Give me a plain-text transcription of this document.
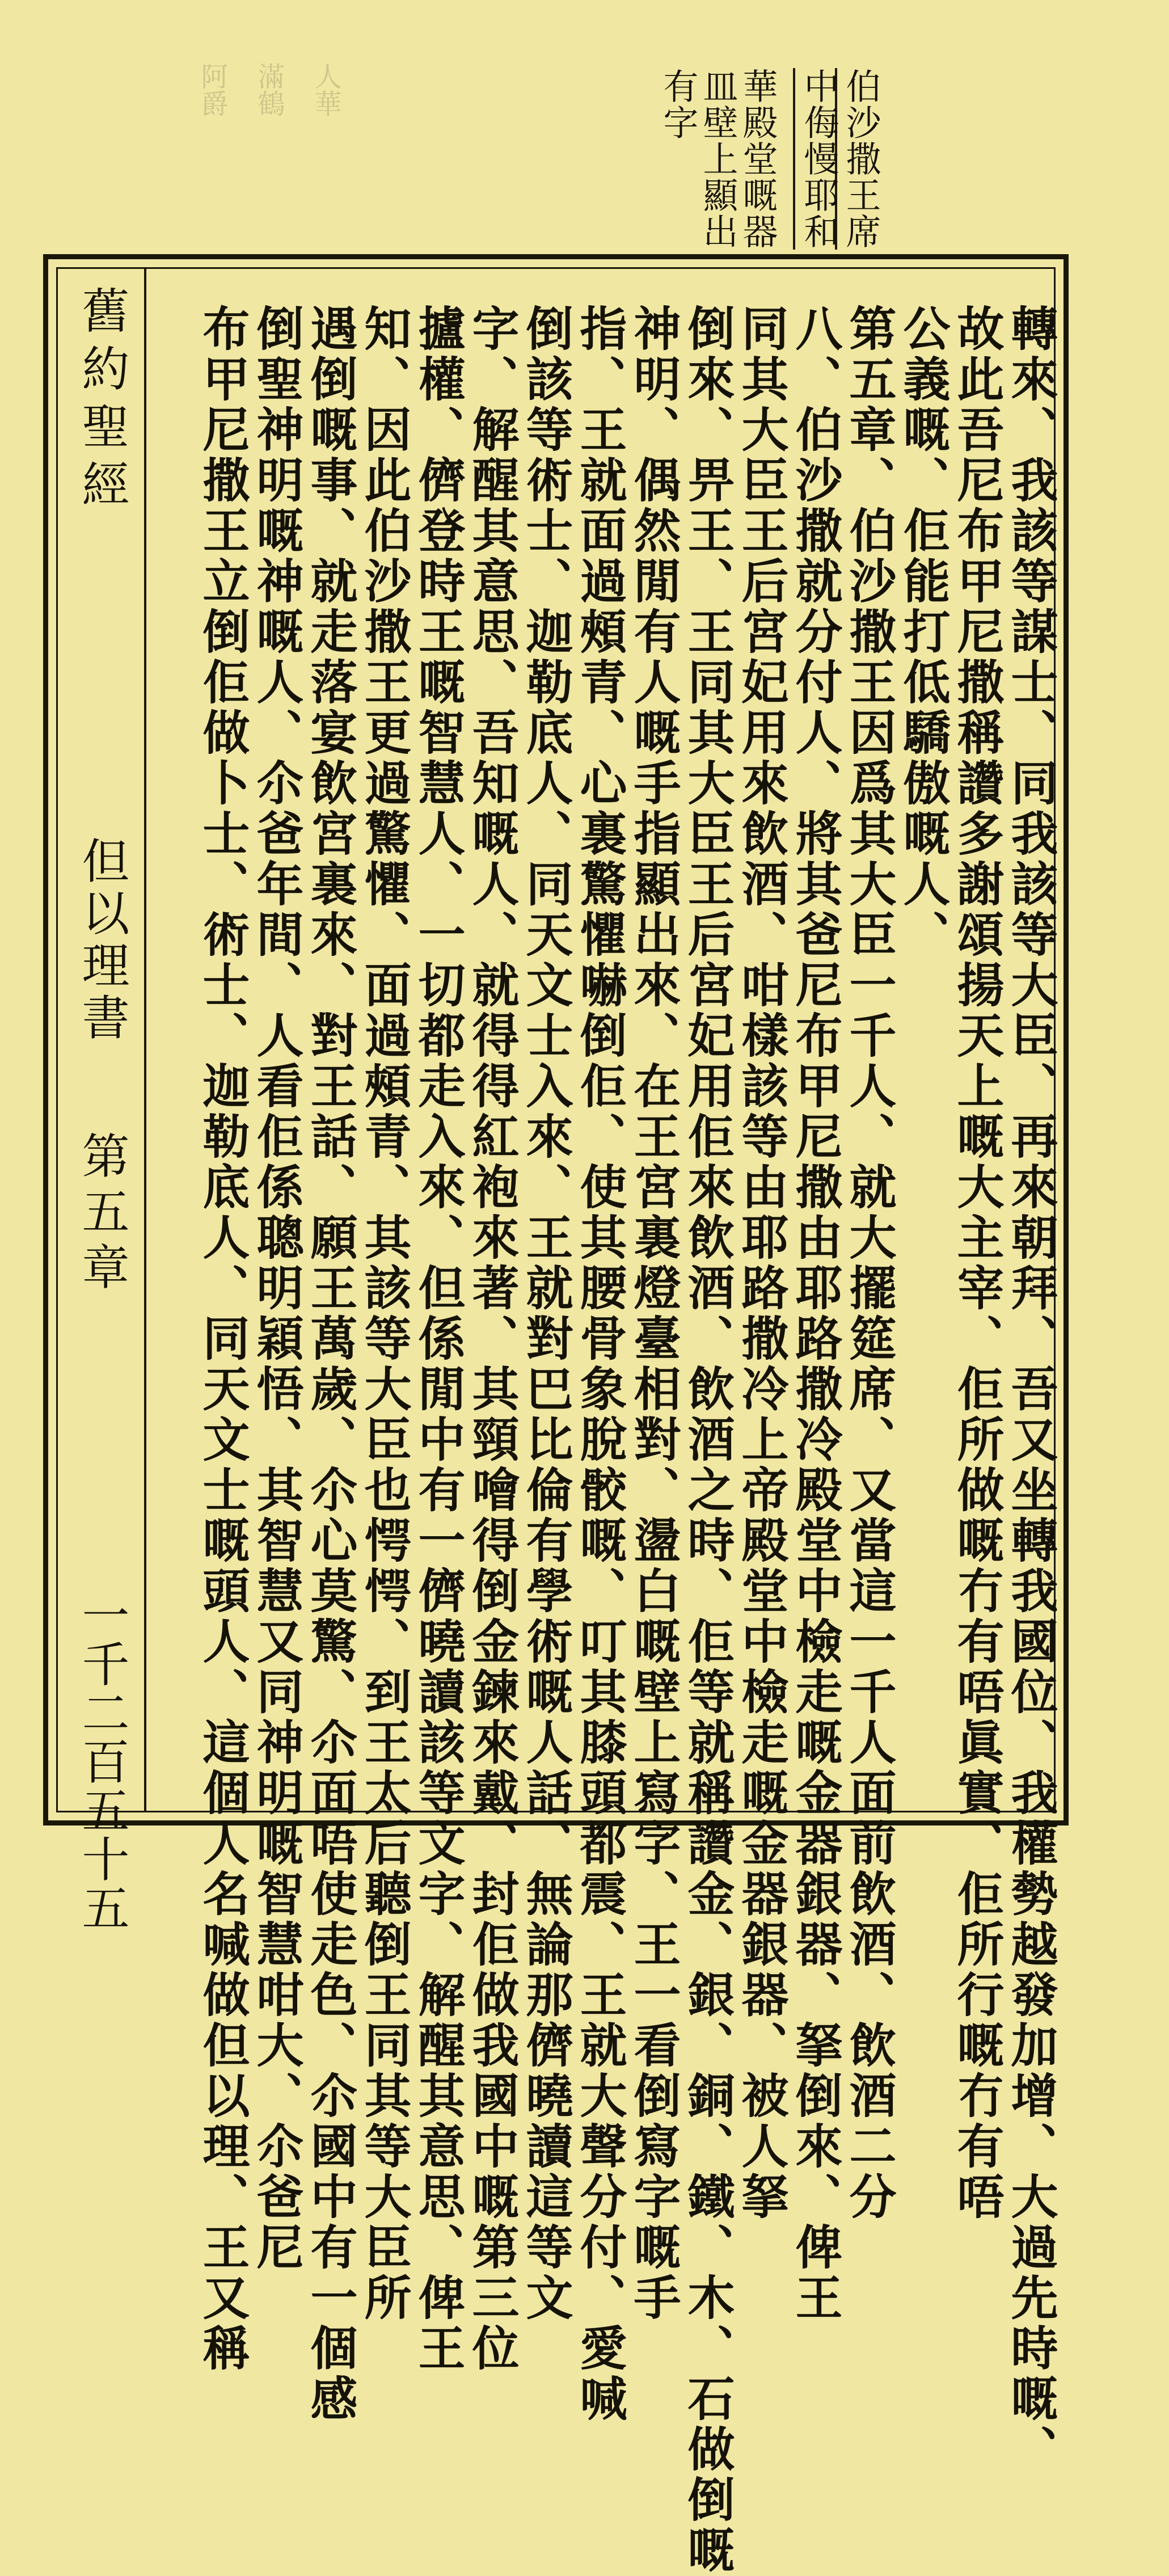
人華
滿鶴
阿爵	伯沙撒王席
中侮慢耶和
華殿堂嘅器
皿壁上顯出
有字
舊約聖經
但以理書
第五章
一千二百五十五	轉來、我該等謀士、同我該等大臣、再來朝拜、吾又坐轉我國位、我權勢越發加增、大過先時嘅、
故此吾尼布甲尼撒稱讚多謝頌揚天上嘅大主宰、佢所做嘅冇有唔眞實、佢所行嘅冇有唔
公義嘅、佢能打低驕傲嘅人、
第五章、伯沙撒王因爲其大臣一千人、就大擺筵席、又當這一千人面前飲酒、飲酒二分
八、伯沙撒就分付人、將其爸尼布甲尼撒由耶路撒冷殿堂中檢走嘅金器銀器、拏倒來、俾王
同其大臣王后宮妃用來飲酒、咁樣該等由耶路撒冷上帝殿堂中檢走嘅金器銀器、被人拏
倒來、畀王、王同其大臣王后宮妃用佢來飲酒、飲酒之時、佢等就稱讚金、銀、銅、鐵、木、石做倒嘅
神明、偶然閒有人嘅手指顯出來、在王宮裏燈臺相對、盪白嘅壁上寫字、王一看倒寫字嘅手
指、王就面過頰青、心裏驚懼嚇倒佢、使其腰骨象脫骹嘅、叮其膝頭都震、王就大聲分付、愛喊
倒該等術士、迦勒底人、同天文士入來、王就對巴比倫有學術嘅人話、無論那儕曉讀這等文
字、解醒其意思、吾知嘅人、就得得紅袍來著、其頸噲得倒金鍊來戴、封佢做我國中嘅第三位
攎權、儕登時王嘅智慧人、一切都走入來、但係閒中有一儕曉讀該等文字、解醒其意思、俾王
知、因此伯沙撒王更過驚懼、面過頰青、其該等大臣也愕愕、到王太后聽倒王同其等大臣所
遇倒嘅事、就走落宴飲宮裏來、對王話、願王萬歲、尒心莫驚、尒面唔使走色、尒國中有一個感
倒聖神明嘅神嘅人、尒爸年間、人看佢係聰明穎悟、其智慧又同神明嘅智慧咁大、尒爸尼
布甲尼撒王立倒佢做卜士、術士、迦勒底人、同天文士嘅頭人、這個人名喊做但以理、王又稱
